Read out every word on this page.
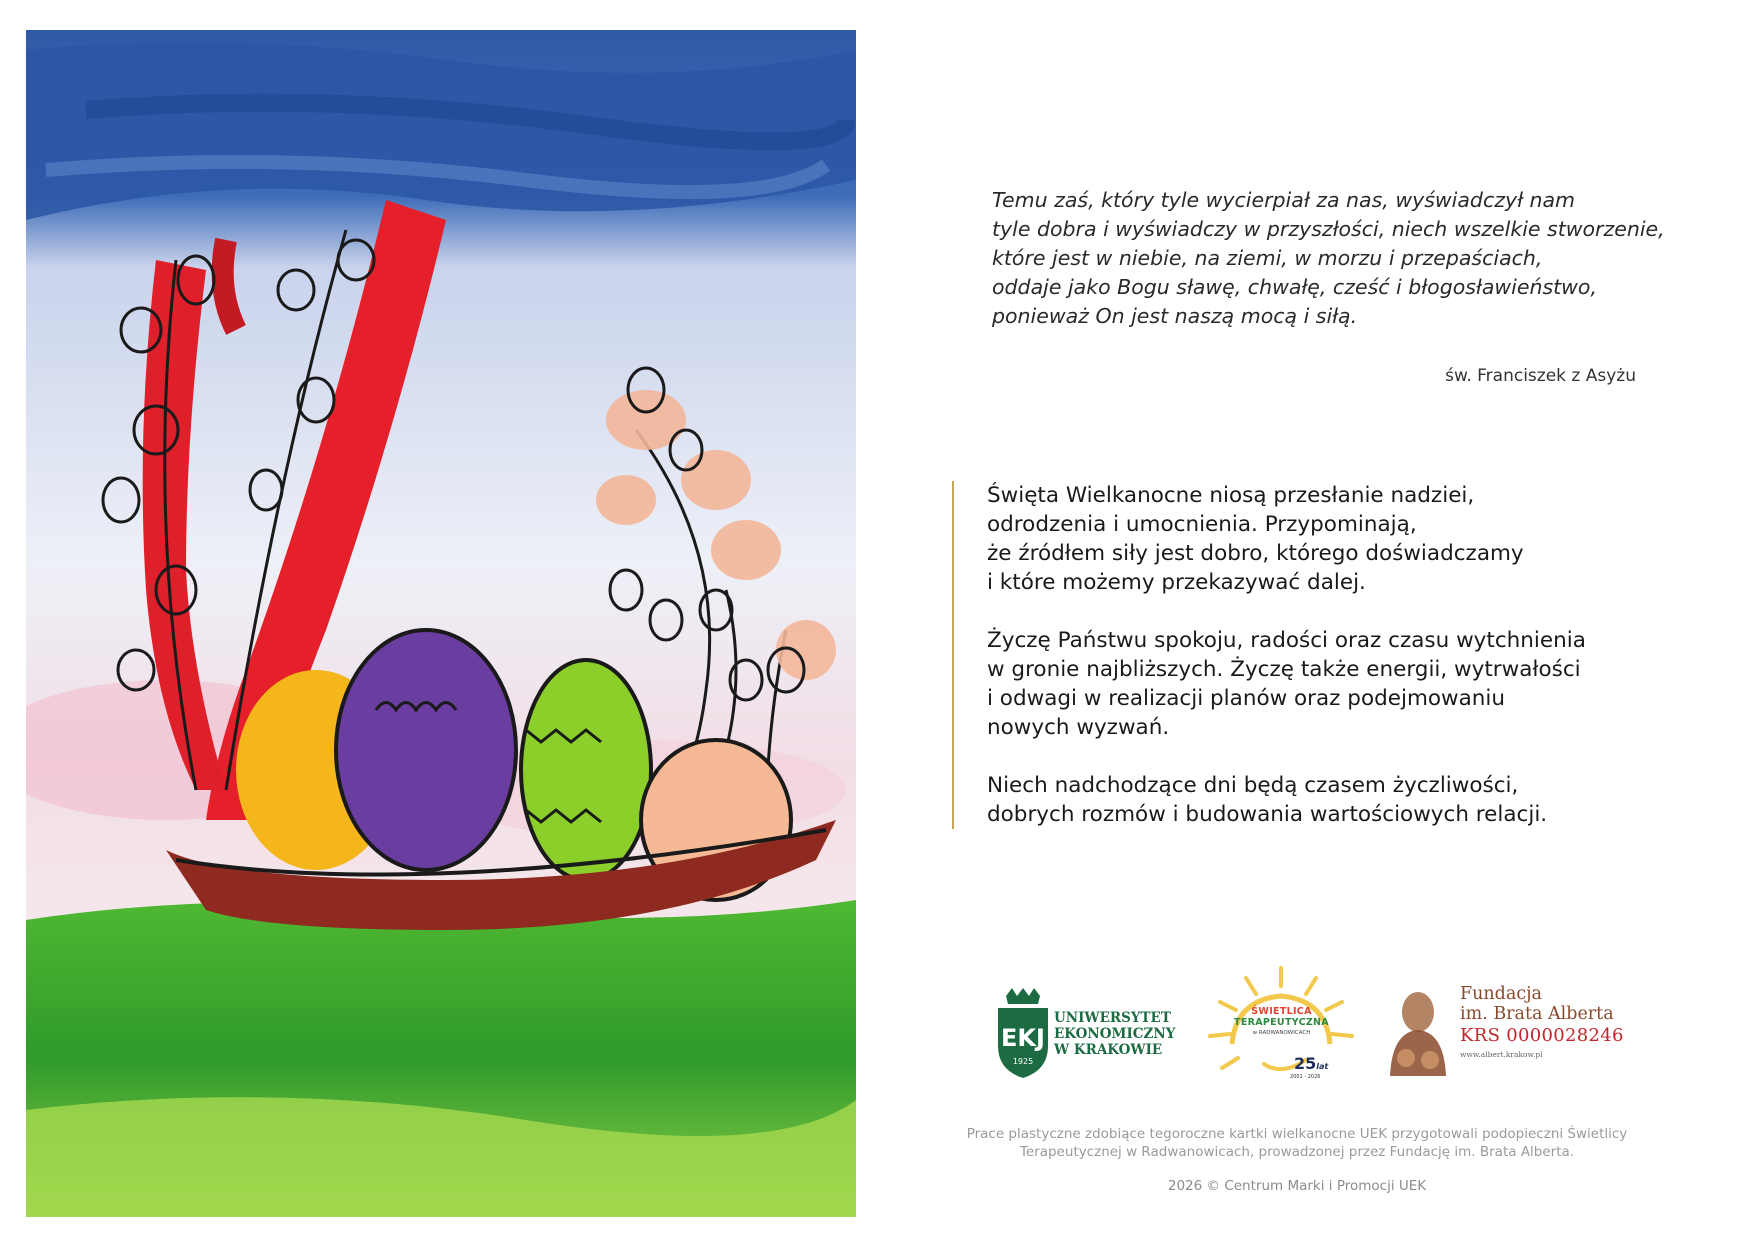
Temu zaś, który tyle wycierpiał za nas, wyświadczył nam
tyle dobra i wyświadczy w przyszłości, niech wszelkie stworzenie,
które jest w niebie, na ziemi, w morzu i przepaściach,
oddaje jako Bogu sławę, chwałę, cześć i błogosławieństwo,
ponieważ On jest naszą mocą i siłą.

św. Franciszek z Asyżu

Święta Wielkanocne niosą przesłanie nadziei,
odrodzenia i umocnienia. Przypominają,
że źródłem siły jest dobro, którego doświadczamy
i które możemy przekazywać dalej.

Życzę Państwu spokoju, radości oraz czasu wytchnienia
w gronie najbliższych. Życzę także energii, wytrwałości
i odwagi w realizacji planów oraz podejmowaniu
nowych wyzwań.

Niech nadchodzące dni będą czasem życzliwości,
dobrych rozmów i budowania wartościowych relacji.

EKJ
1925
UNIWERSYTET
EKONOMICZNY
W KRAKOWIE
ŚWIETLICA
TERAPEUTYCZNA
w RADWANOWICACH
25lat
2001 - 2026
Fundacja
im. Brata Alberta
KRS 0000028246
www.albert.krakow.pl

Prace plastyczne zdobiące tegoroczne kartki wielkanocne UEK przygotowali podopieczni Świetlicy
Terapeutycznej w Radwanowicach, prowadzonej przez Fundację im. Brata Alberta.

2026 © Centrum Marki i Promocji UEK
